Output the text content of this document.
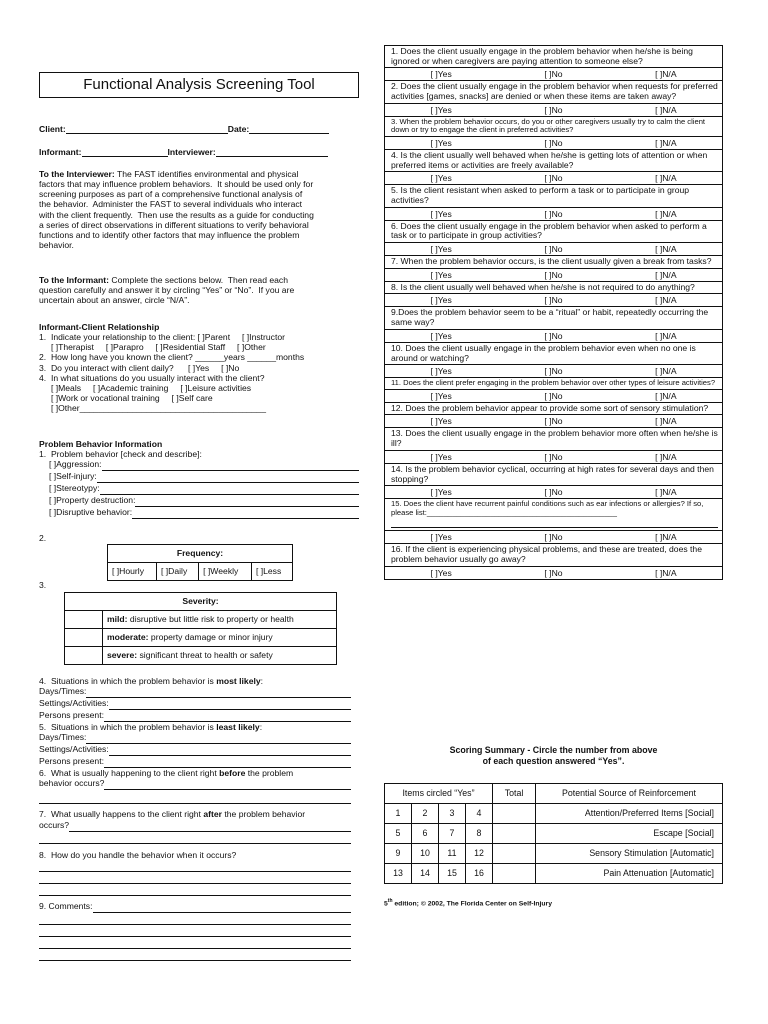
Functional Analysis Screening Tool
Client:	Date:
Informant:	Interviewer:
To the Interviewer: The FAST identifies environmental and physical
factors that may influence problem behaviors.  It should be used only for
screening purposes as part of a comprehensive functional analysis of
the behavior.  Administer the FAST to several individuals who interact
with the client frequently.  Then use the results as a guide for conducting
a series of direct observations in different situations to verify behavioral
functions and to identify other factors that may influence the problem
behavior.
To the Informant: Complete the sections below.  Then read each
question carefully and answer it by circling “Yes” or “No”.  If you are
uncertain about an answer, circle “N/A”.
Informant-Client Relationship
1.  Indicate your relationship to the client: [ ]Parent     [ ]Instructor
[ ]Therapist     [ ]Parapro     [ ]Residential Staff     [ ]Other
2.  How long have you known the client? ______years ______months
3.  Do you interact with client daily?      [ ]Yes     [ ]No
4.  In what situations do you usually interact with the client?
[ ]Meals     [ ]Academic training     [ ]Leisure activities
[ ]Work or vocational training     [ ]Self care
[ ]Other_______________________________________
Problem Behavior Information
1.  Problem behavior [check and describe]:
[ ]Aggression:
[ ]Self-injury:
[ ]Stereotypy:
[ ]Property destruction:
[ ]Disruptive behavior:
2.
Frequency:
[ ]Hourly	[ ]Daily	[ ]Weekly	[ ]Less
3.
Severity:	
	mild: disruptive but little risk to property or health
	moderate: property damage or minor injury
	severe: significant threat to health or safety
4.  Situations in which the problem behavior is most likely:
Days/Times:
Settings/Activities:
Persons present:
5.  Situations in which the problem behavior is least likely:
Days/Times:
Settings/Activities:
Persons present:
6.  What is usually happening to the client right before the problem
behavior occurs?
7.  What usually happens to the client right after the problem behavior
occurs?
8.  How do you handle the behavior when it occurs?
9. Comments:
1. Does the client usually engage in the problem behavior when he/she is being ignored or when caregivers are paying attention to someone else?
[ ]Yes	[ ]No	[ ]N/A
2. Does the client usually engage in the problem behavior when requests for preferred activities [games, snacks] are denied or when these items are taken away?
[ ]Yes	[ ]No	[ ]N/A
3. When the problem behavior occurs, do you or other caregivers usually try to calm the client down or try to engage the client in preferred activities?
[ ]Yes	[ ]No	[ ]N/A
4. Is the client usually well behaved when he/she is getting lots of attention or when preferred items or activities are freely available?
[ ]Yes	[ ]No	[ ]N/A
5. Is the client resistant when asked to perform a task or to participate in group activities?
[ ]Yes	[ ]No	[ ]N/A
6. Does the client usually engage in the problem behavior when asked to perform a task or to participate in group activities?
[ ]Yes	[ ]No	[ ]N/A
7. When the problem behavior occurs, is the client usually given a break from tasks?
[ ]Yes	[ ]No	[ ]N/A
8. Is the client usually well behaved when he/she is not required to do anything?
[ ]Yes	[ ]No	[ ]N/A
9.Does the problem behavior seem to be a “ritual” or habit, repeatedly occurring the same way?
[ ]Yes	[ ]No	[ ]N/A
10. Does the client usually engage in the problem behavior even when no one is around or watching?
[ ]Yes	[ ]No	[ ]N/A
11. Does the client prefer engaging in the problem behavior over other types of leisure activities?
[ ]Yes	[ ]No	[ ]N/A
12. Does the problem behavior appear to provide some sort of sensory stimulation?
[ ]Yes	[ ]No	[ ]N/A
13. Does the client usually engage in the problem behavior more often when he/she is ill?
[ ]Yes	[ ]No	[ ]N/A
14. Is the problem behavior cyclical, occurring at high rates for several days and then stopping?
[ ]Yes	[ ]No	[ ]N/A
15. Does the client have recurrent painful conditions such as ear infections or allergies? If so, please list:_____________________________________________
[ ]Yes	[ ]No	[ ]N/A
16. If the client is experiencing physical problems, and these are treated, does the problem behavior usually go away?
[ ]Yes	[ ]No	[ ]N/A
Scoring Summary - Circle the number from above
of each question answered “Yes”.
Items circled “Yes”				Total	Potential Source of Reinforcement
1	2	3	4		Attention/Preferred Items [Social]
5	6	7	8		Escape [Social]
9	10	11	12		Sensory Stimulation [Automatic]
13	14	15	16		Pain Attenuation [Automatic]
5th edition; © 2002, The Florida Center on Self-Injury
